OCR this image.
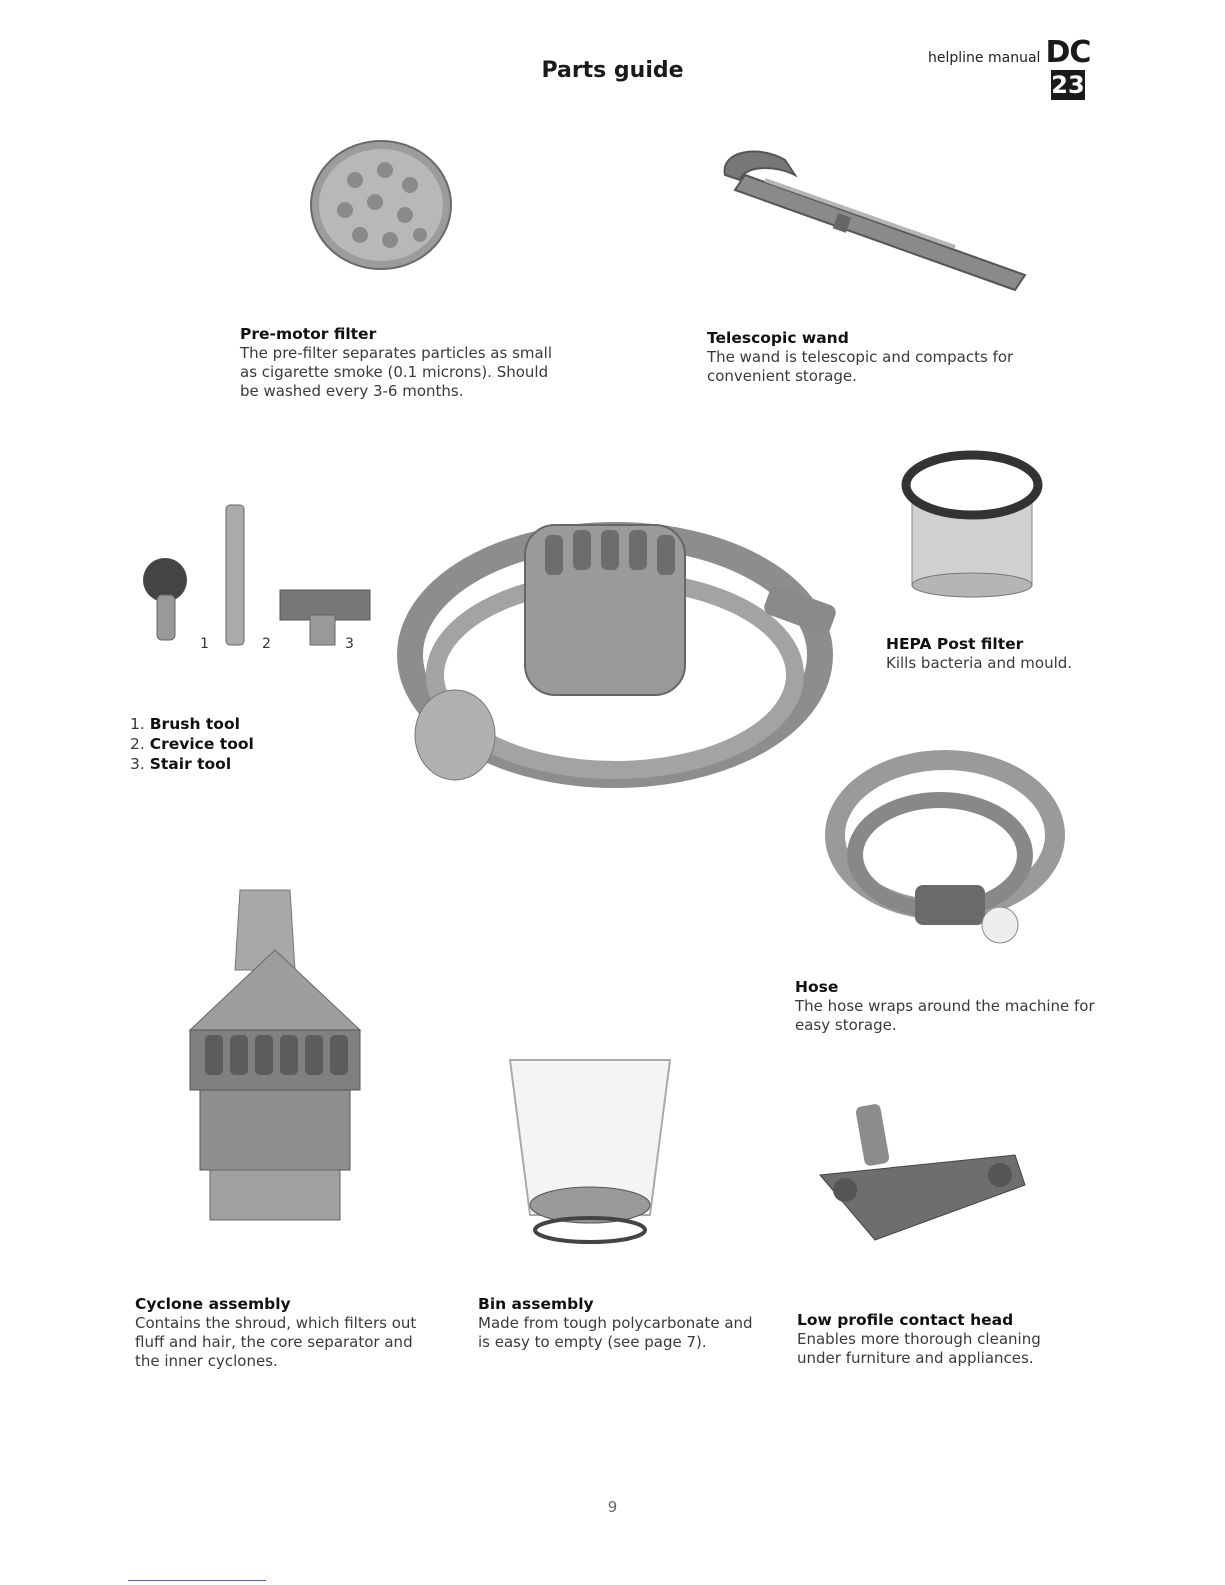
Parts guide	helpline manual DC
23
Pre-motor filter
The pre-filter separates particles as small
as cigarette smoke (0.1 microns). Should
be washed every 3-6 months.
Telescopic wand
The wand is telescopic and compacts for
convenient storage.
1	2	3
1. Brush tool
2. Crevice tool
3. Stair tool
HEPA Post filter
Kills bacteria and mould.
Hose
The hose wraps around the machine for
easy storage.
Cyclone assembly
Contains the shroud, which filters out
fluff and hair, the core separator and
the inner cyclones.
Bin assembly
Made from tough polycarbonate and
is easy to empty (see page 7).
Low profile contact head
Enables more thorough cleaning
under furniture and appliances.
9
